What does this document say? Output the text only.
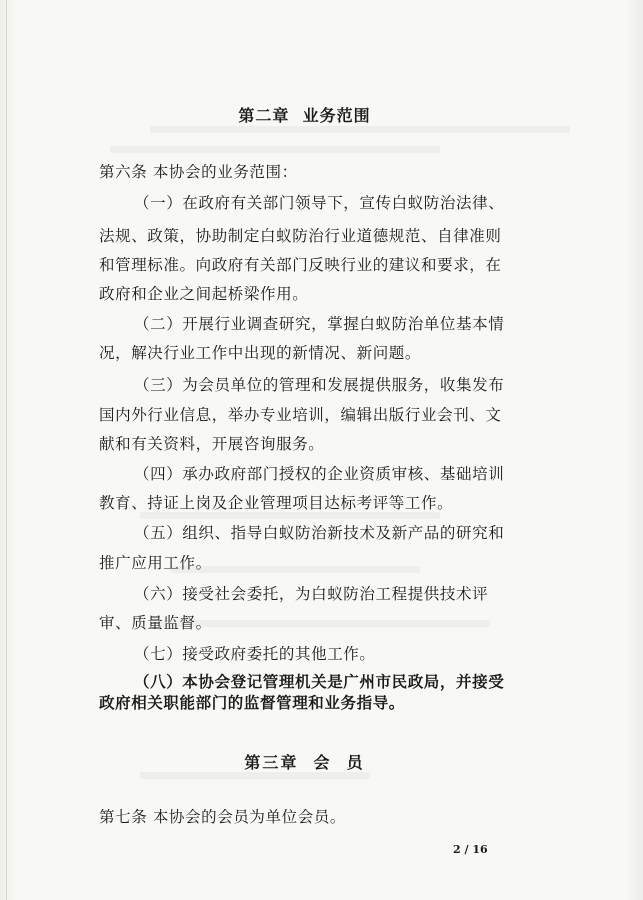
第二章  业务范围
第六条 本协会的业务范围：
（一）在政府有关部门领导下，宣传白蚁防治法律、
法规、政策，协助制定白蚁防治行业道德规范、自律准则
和管理标准。向政府有关部门反映行业的建议和要求，在
政府和企业之间起桥梁作用。
（二）开展行业调查研究，掌握白蚁防治单位基本情
况，解决行业工作中出现的新情况、新问题。
（三）为会员单位的管理和发展提供服务，收集发布
国内外行业信息，举办专业培训，编辑出版行业会刊、文
献和有关资料，开展咨询服务。
（四）承办政府部门授权的企业资质审核、基础培训
教育、持证上岗及企业管理项目达标考评等工作。
（五）组织、指导白蚁防治新技术及新产品的研究和
推广应用工作。
（六）接受社会委托，为白蚁防治工程提供技术评
审、质量监督。
（七）接受政府委托的其他工作。
（八）本协会登记管理机关是广州市民政局，并接受
政府相关职能部门的监督管理和业务指导。
第三章  会  员
第七条 本协会的会员为单位会员。
2 / 16
